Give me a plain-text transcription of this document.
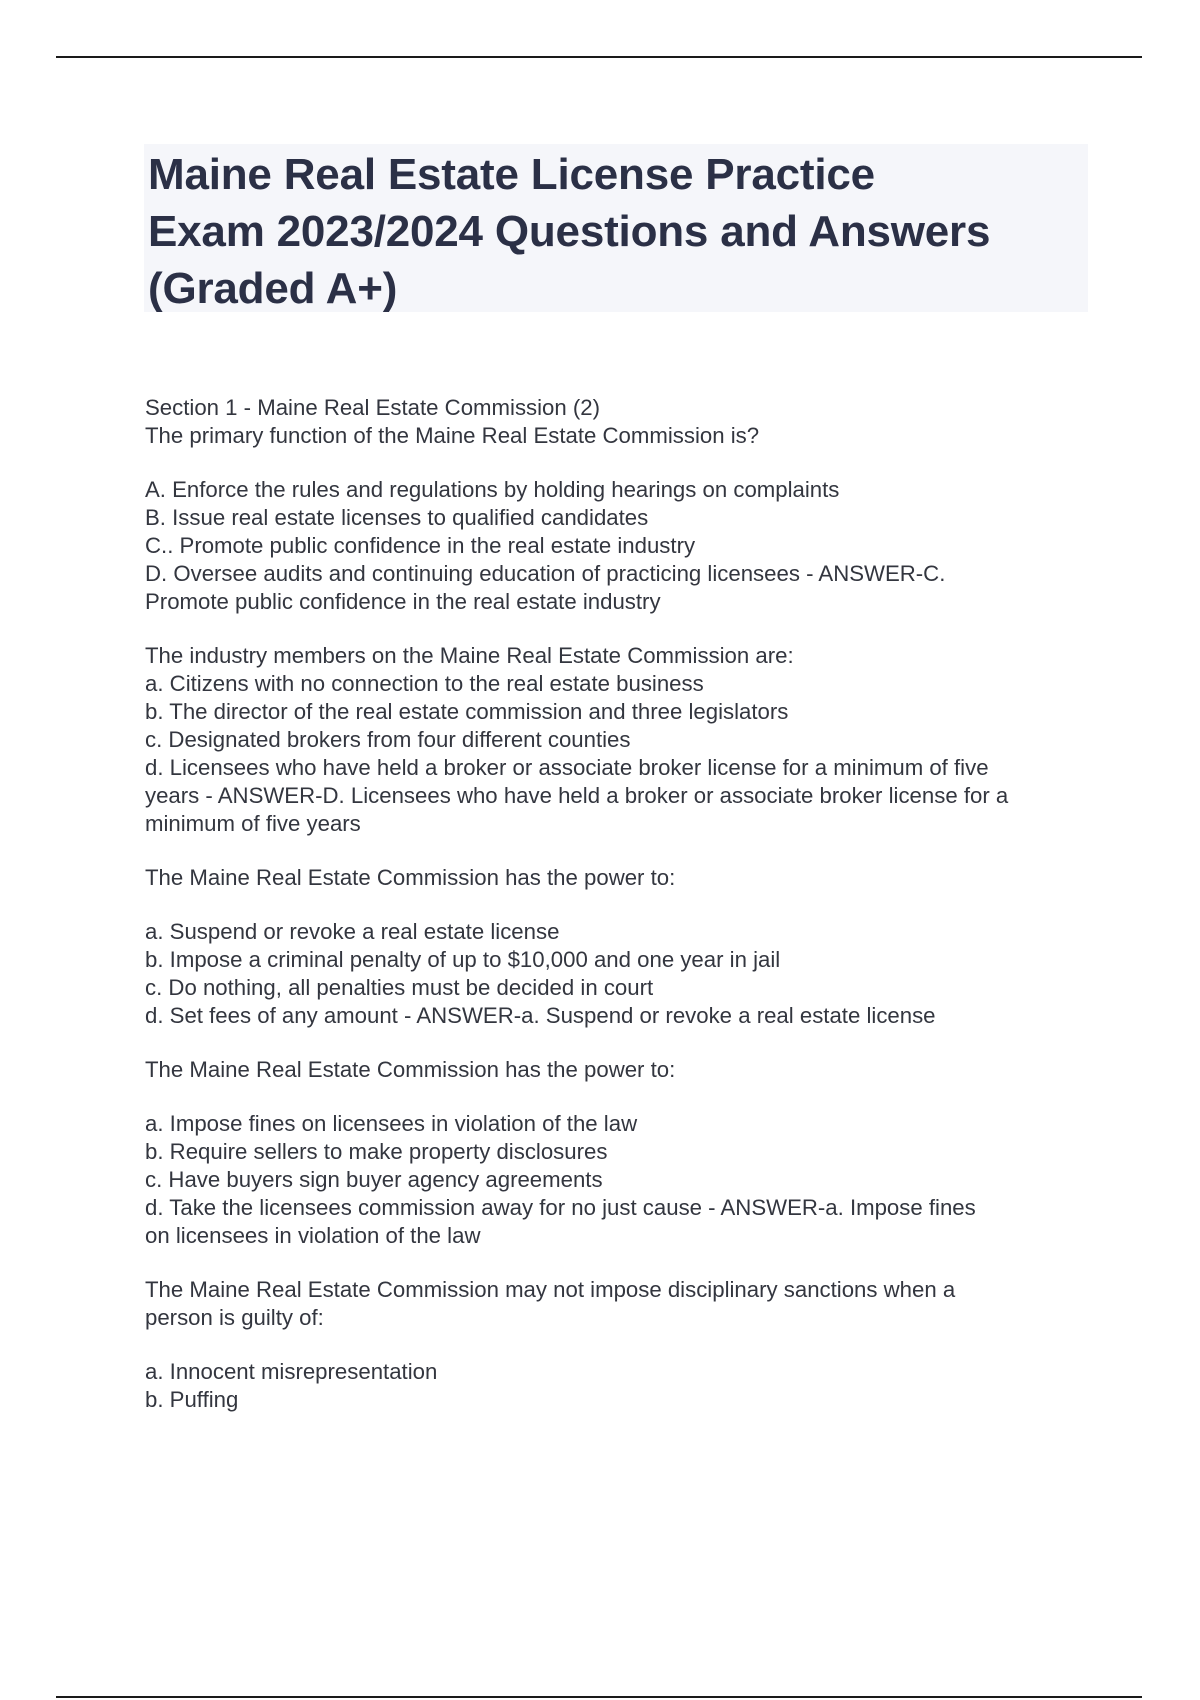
Maine Real Estate License Practice
Exam 2023/2024 Questions and Answers
(Graded A+)
Section 1 - Maine Real Estate Commission (2)
The primary function of the Maine Real Estate Commission is?
A. Enforce the rules and regulations by holding hearings on complaints
B. Issue real estate licenses to qualified candidates
C.. Promote public confidence in the real estate industry
D. Oversee audits and continuing education of practicing licensees - ANSWER-C.
Promote public confidence in the real estate industry
The industry members on the Maine Real Estate Commission are:
a. Citizens with no connection to the real estate business
b. The director of the real estate commission and three legislators
c. Designated brokers from four different counties
d. Licensees who have held a broker or associate broker license for a minimum of five
years - ANSWER-D. Licensees who have held a broker or associate broker license for a
minimum of five years
The Maine Real Estate Commission has the power to:
a. Suspend or revoke a real estate license
b. Impose a criminal penalty of up to $10,000 and one year in jail
c. Do nothing, all penalties must be decided in court
d. Set fees of any amount - ANSWER-a. Suspend or revoke a real estate license
The Maine Real Estate Commission has the power to:
a. Impose fines on licensees in violation of the law
b. Require sellers to make property disclosures
c. Have buyers sign buyer agency agreements
d. Take the licensees commission away for no just cause - ANSWER-a. Impose fines
on licensees in violation of the law
The Maine Real Estate Commission may not impose disciplinary sanctions when a
person is guilty of:
a. Innocent misrepresentation
b. Puffing
